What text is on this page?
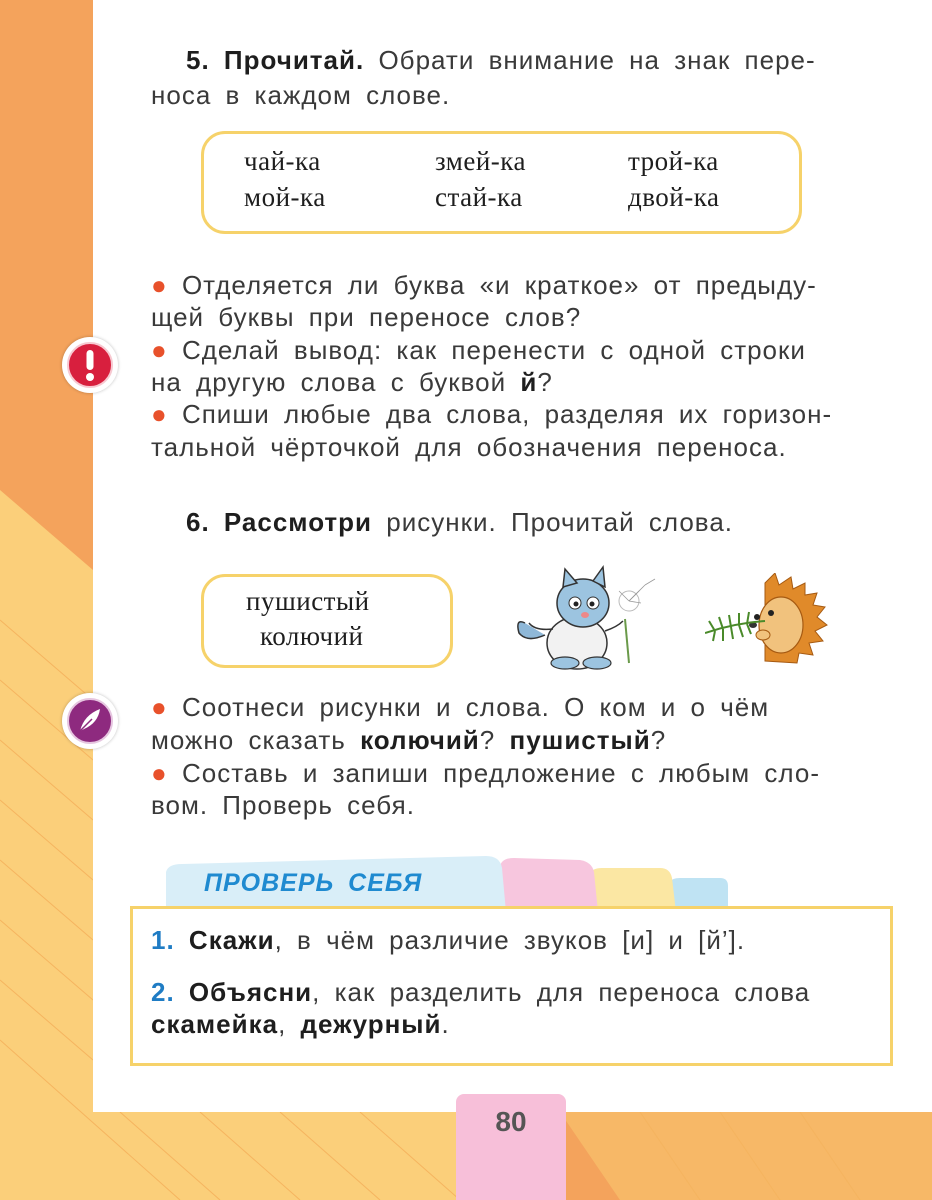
5. Прочитай. Обрати внимание на знак пере-
носа в каждом слове.
чай-ка	змей-ка	трой-ка
мой-ка	стай-ка	двой-ка
● Отделяется ли буква «и краткое» от предыду-
щей буквы при переносе слов?
● Сделай вывод: как перенести с одной строки
на другую слова с буквой й?
● Спиши любые два слова, разделяя их горизон-
тальной чёрточкой для обозначения переноса.
6. Рассмотри рисунки. Прочитай слова.
пушистый
колючий
● Соотнеси рисунки и слова. О ком и о чём
можно сказать колючий? пушистый?
● Составь и запиши предложение с любым сло-
вом. Проверь себя.
ПРОВЕРЬ СЕБЯ
1. Скажи, в чём различие звуков [и] и [й’].
2. Объясни, как разделить для переноса слова
скамейка, дежурный.
80
